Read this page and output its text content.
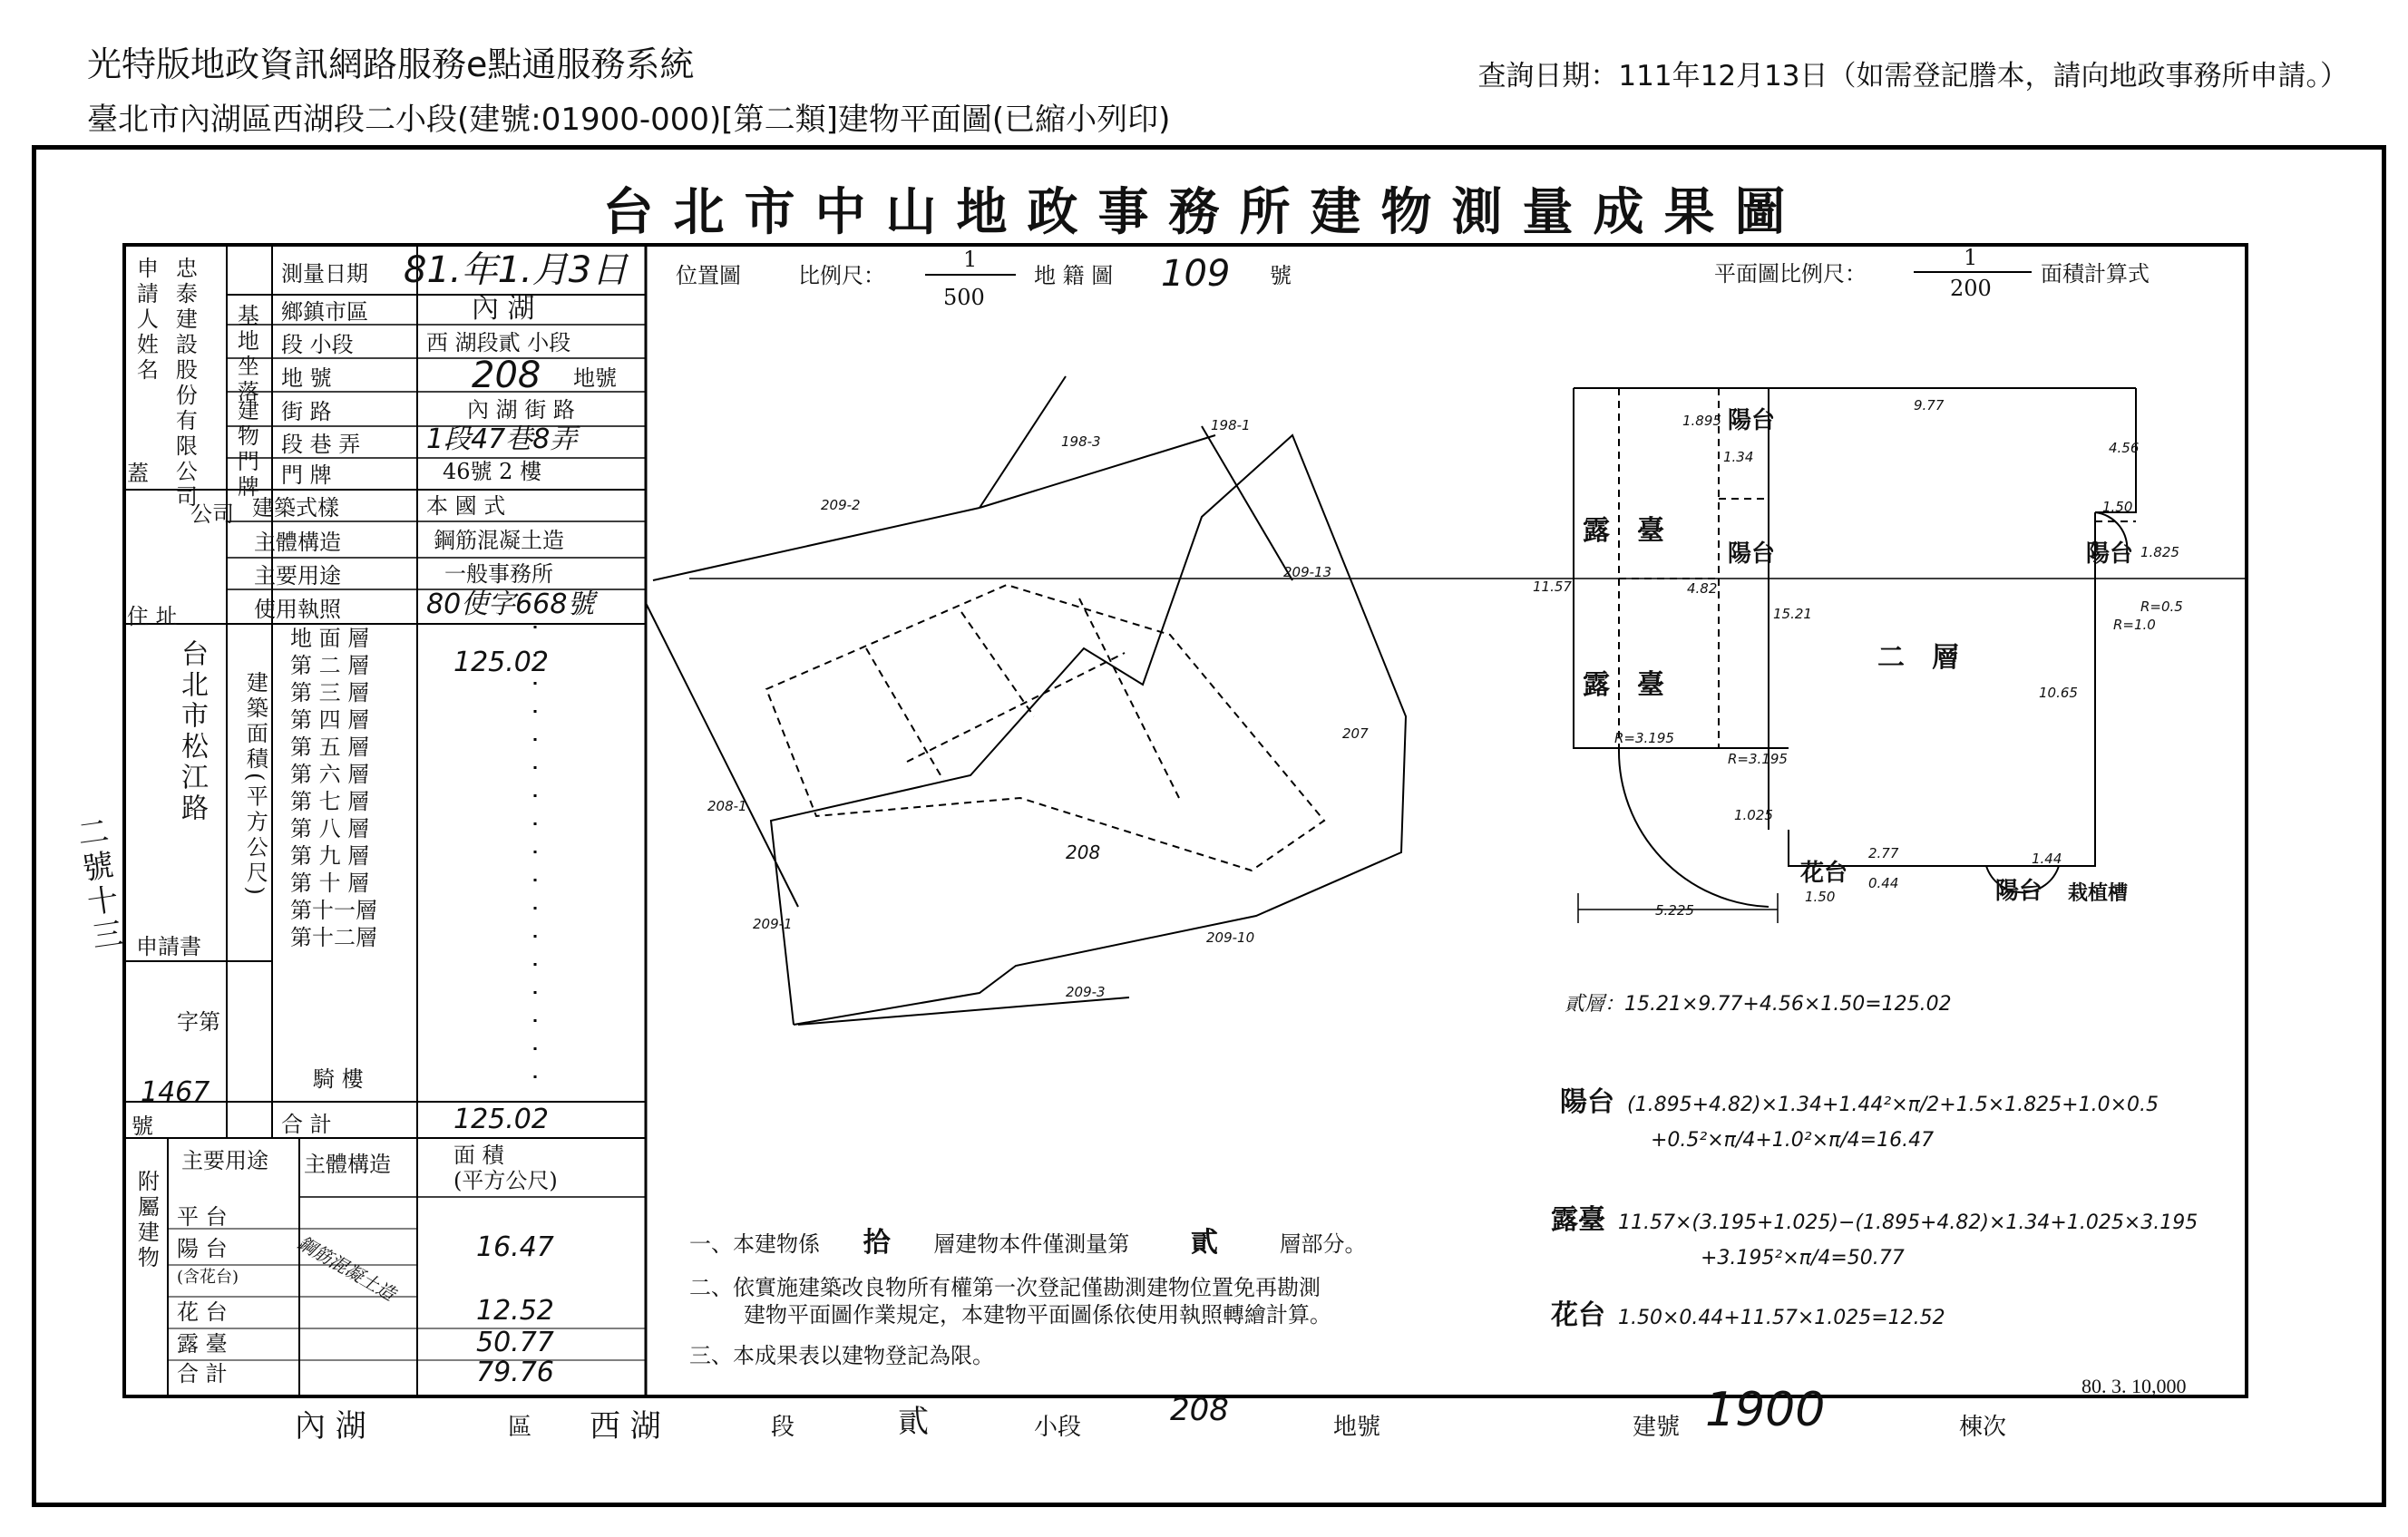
光特版地政資訊網路服務e點通服務系統
臺北市內湖區西湖段二小段(建號:01900-000)[第二類]建物平面圖(已縮小列印)
查詢日期：111年12月13日（如需登記謄本，請向地政事務所申請。）
台北市中山地政事務所建物測量成果圖
申請人姓名 忠泰建設股份有限公司 基地坐落
建物門牌
蓋
公司
測量日期 81.年1.月3日
鄉鎮市區	內 湖
段 小段	西 湖段貳 小段
地 號	208 地號
街 路	內 湖 街 路
段 巷 弄 1段47巷8弄
門 牌	46號 2 樓
建築式樣	本 國 式
主體構造	鋼筋混凝土造
主要用途	一般事務所
使用執照	80使字668號
住 址
台北市松江路 建築面積(平方公尺)
地 面 層
第 二 層	125.02
第 三 層
第 四 層
第 五 層
第 六 層
第 七 層
第 八 層
第 九 層
第 十 層
第十一層
第十二層
申請書
字第
1467
號
騎 樓
合 計	125.02
附屬建物
主要用途 主體構造	面 積
(平方公尺)
鋼筋混凝土造
平 台
陽 台	16.47
(含花台)
花 台	12.52
露 臺	50.77
合 計	79.76
位置圖	比例尺：
1
500
地 籍 圖 109 號
208
198-3
198-1
209-2
209-13
207
208-1
209-1
209-10
209-3
平面圖比例尺：
1
200
面積計算式
陽台
陽台	陽台
陽台
露臺
露臺
二層
花台
栽植槽
1.895
4.82
1.34
4.56
1.50
1.825
11.57
15.21	R=0.5
R=1.0
10.65
R=3.195
R=3.195
1.025
2.77	1.44
0.44
1.50
5.225
9.77
貳層：15.21×9.77+4.56×1.50=125.02
陽台 (1.895+4.82)×1.34+1.44²×π/2+1.5×1.825+1.0×0.5
+0.5²×π/4+1.0²×π/4=16.47
露臺 11.57×(3.195+1.025)−(1.895+4.82)×1.34+1.025×3.195
+3.195²×π/4=50.77
花台 1.50×0.44+11.57×1.025=12.52
一、本建物係 拾 層建物本件僅測量第 貳	層部分。
二、依實施建築改良物所有權第一次登記僅勘測建物位置免再勘測
建物平面圖作業規定，本建物平面圖係依使用執照轉繪計算。
三、本成果表以建物登記為限。
80. 3. 10,000
內 湖	區 西 湖	段	貳	小段	208	地號	建號 1900	棟次
二號十三
